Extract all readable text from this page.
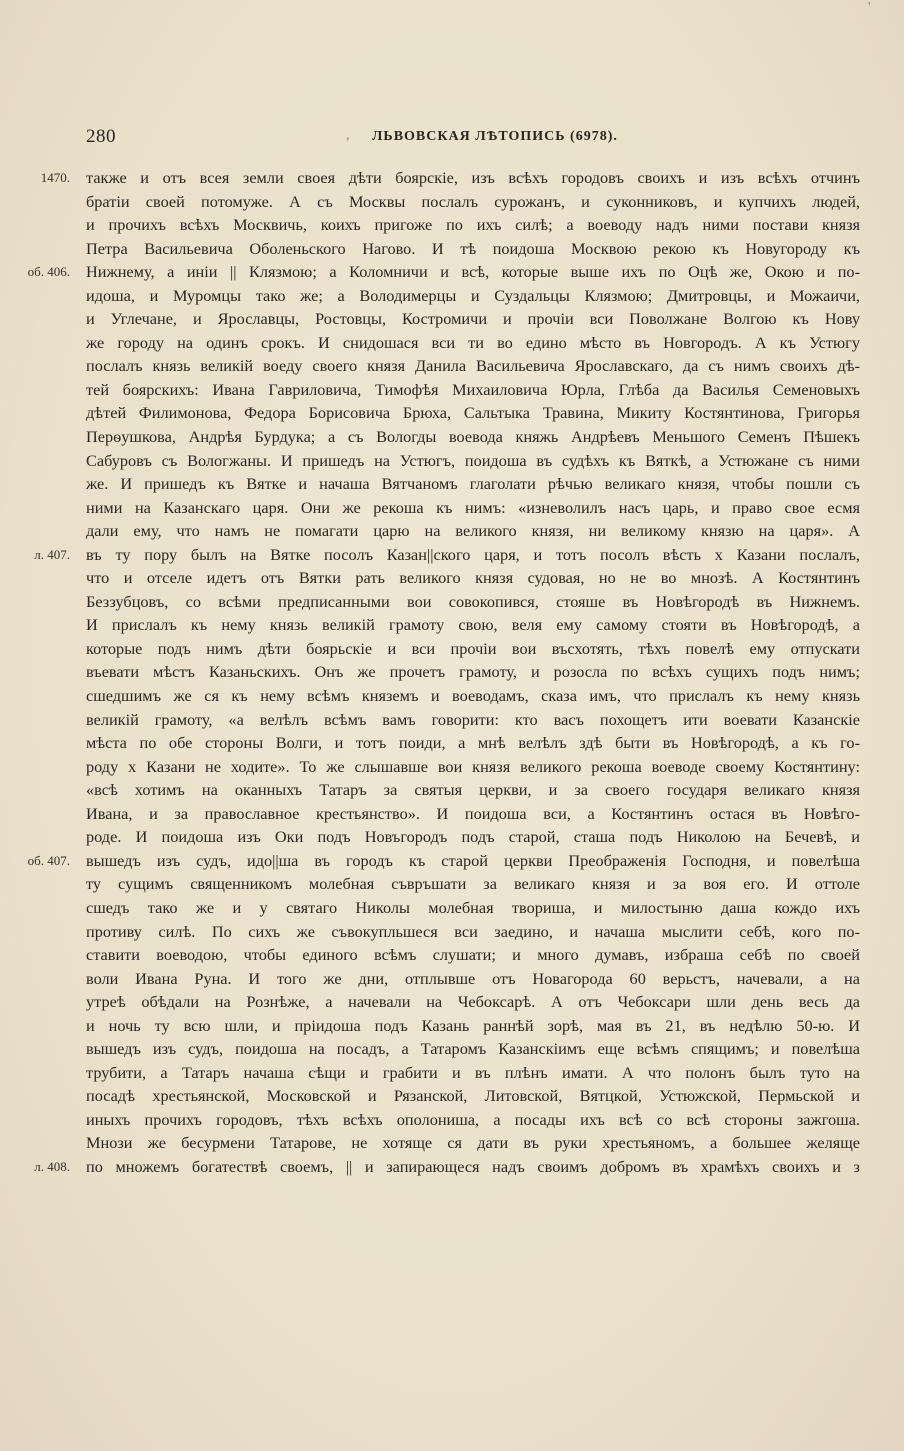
'
,
280	ЛЬВОВСКАЯ ЛѢТОПИСЬ (6978).
1470. также и отъ всея земли своея дѣти боярскіе, изъ всѣхъ городовъ своихъ и изъ всѣхъ отчинъ
братіи своей потомуже. А съ Москвы послалъ сурожанъ, и суконниковъ, и купчихъ людей,
и прочихъ всѣхъ Москвичь, коихъ пригоже по ихъ силѣ; а воеводу надъ ними постави князя
Петра Васильевича Оболеньского Нагово. И тѣ поидоша Москвою рекою къ Новугороду къ
об. 406. Нижнему, а инiи || Клязмою; а Коломничи и всѣ, которые выше ихъ по Оцѣ же, Окою и по-
идоша, и Муромцы тако же; а Володимерцы и Суздальцы Клязмою; Дмитровцы, и Можаичи,
и Углечане, и Ярославцы, Ростовцы, Костромичи и прочіи вси Поволжане Волгою къ Нову
же городу на одинъ срокъ. И снидошася вси ти во едино мѣсто въ Новгородъ. А къ Устюгу
послалъ князь великій воеду своего князя Данила Васильевича Ярославскаго, да съ нимъ своихъ дѣ-
тей боярскихъ: Ивана Гавриловича, Тимофѣя Михаиловича Юрла, Глѣба да Василья Семеновыхъ
дѣтей Филимонова, Федора Борисовича Брюха, Сальтыка Травина, Микиту Костянтинова, Григорья
Перѳушкова, Андрѣя Бурдука; а съ Вологды воевода княжь Андрѣевъ Меньшого Семенъ Пѣшекъ
Сабуровъ съ Вологжаны. И пришедъ на Устюгъ, поидоша въ судѣхъ къ Вяткѣ, а Устюжане съ ними
же. И пришедъ къ Вятке и начаша Вятчаномъ глаголати рѣчью великаго князя, чтобы пошли съ
ними на Казанскаго царя. Они же рекоша къ нимъ: «изневолилъ насъ царь, и право свое есмя
дали ему, что намъ не помагати царю на великого князя, ни великому князю на царя». А
л. 407. въ ту пору былъ на Вятке посолъ Казан||ского царя, и тотъ посолъ вѣсть х Казани послалъ,
что и отселе идетъ отъ Вятки рать великого князя судовая, но не во мнозѣ. А Костянтинъ
Беззубцовъ, со всѣми предписанными вои совокопився, стояше въ Новѣгородѣ въ Нижнемъ.
И прислалъ къ нему князь великій грамоту свою, веля ему самому стояти въ Новѣгородѣ, а
которые подъ нимъ дѣти боярьскіе и вси прочіи вои въсхотять, тѣхъ повелѣ ему отпускати
въевати мѣстъ Казаньскихъ. Онъ же прочетъ грамоту, и розосла по всѣхъ сущихъ подъ нимъ;
сшедшимъ же ся къ нему всѣмъ княземъ и воеводамъ, сказа имъ, что прислалъ къ нему князь
великій грамоту, «а велѣлъ всѣмъ вамъ говорити: кто васъ похощетъ ити воевати Казанскіе
мѣста по обе стороны Волги, и тотъ поиди, а мнѣ велѣлъ здѣ быти въ Новѣгородѣ, а къ го-
роду х Казани не ходите». То же слышавше вои князя великого рекоша воеводе своему Костянтину:
«всѣ хотимъ на оканныхъ Татаръ за святыя церкви, и за своего государя великаго князя
Ивана, и за православное крестьянство». И поидоша вси, а Костянтинъ остася въ Новѣго-
роде. И поидоша изъ Оки подъ Новъгородъ подъ старой, сташа подъ Николою на Бечевѣ, и
об. 407. вышедъ изъ судъ, идо||ша въ городъ къ старой церкви Преображенія Господня, и повелѣша
ту сущимъ священникомъ молебная съвръшати за великаго князя и за воя его. И оттоле
сшедъ тако же и у святаго Николы молебная твориша, и милостыню даша кождо ихъ
противу силѣ. По сихъ же съвокупльшеся вси заедино, и начаша мыслити себѣ, кого по-
ставити воеводою, чтобы единого всѣмъ слушати; и много думавъ, избраша себѣ по своей
воли Ивана Руна. И того же дни, отплывше отъ Новагорода 60 верьстъ, начевали, а на
утреѣ обѣдали на Рознѣже, а начевали на Чебоксарѣ. А отъ Чебоксари шли день весь да
и ночь ту всю шли, и пріидоша подъ Казань раннѣй зорѣ, мая въ 21, въ недѣлю 50-ю. И
вышедъ изъ судъ, поидоша на посадъ, а Татаромъ Казанскіимъ еще всѣмъ спящимъ; и повелѣша
трубити, а Татаръ начаша сѣщи и грабити и въ плѣнъ имати. А что полонъ былъ туто на
посадѣ хрестьянской, Московской и Рязанской, Литовской, Вятцкой, Устюжской, Пермьской и
иныхъ прочихъ городовъ, тѣхъ всѣхъ ополониша, а посады ихъ всѣ со всѣ стороны зажгоша.
Мнози же бесурмени Татарове, не хотяще ся дати въ руки хрестьяномъ, а большее желяще
л. 408. по множемъ богатествѣ своемъ, || и запирающеся надъ своимъ добромъ въ храмѣхъ своихъ и з
